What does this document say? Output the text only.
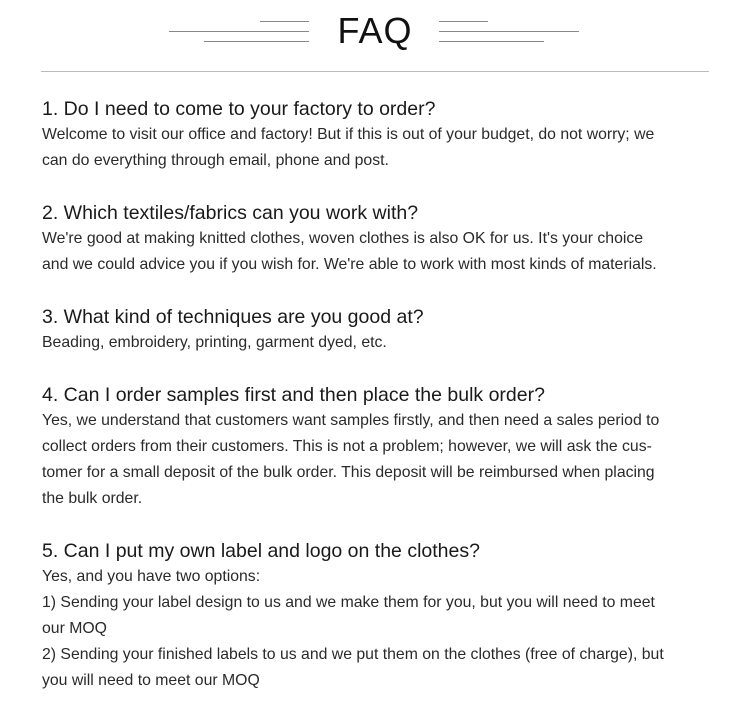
FAQ

1. Do I need to come to your factory to order?

Welcome to visit our office and factory! But if this is out of your budget, do not worry; we

can do everything through email, phone and post.

2. Which textiles/fabrics can you work with?

We're good at making knitted clothes, woven clothes is also OK for us. It's your choice

and we could advice you if you wish for. We're able to work with most kinds of materials.

3. What kind of techniques are you good at?

Beading, embroidery, printing, garment dyed, etc.

4. Can I order samples first and then place the bulk order?

Yes, we understand that customers want samples firstly, and then need a sales period to

collect orders from their customers. This is not a problem; however, we will ask the cus-

tomer for a small deposit of the bulk order. This deposit will be reimbursed when placing

the bulk order.

5. Can I put my own label and logo on the clothes?

Yes, and you have two options:

1) Sending your label design to us and we make them for you, but you will need to meet

our MOQ

2) Sending your finished labels to us and we put them on the clothes (free of charge), but

you will need to meet our MOQ
